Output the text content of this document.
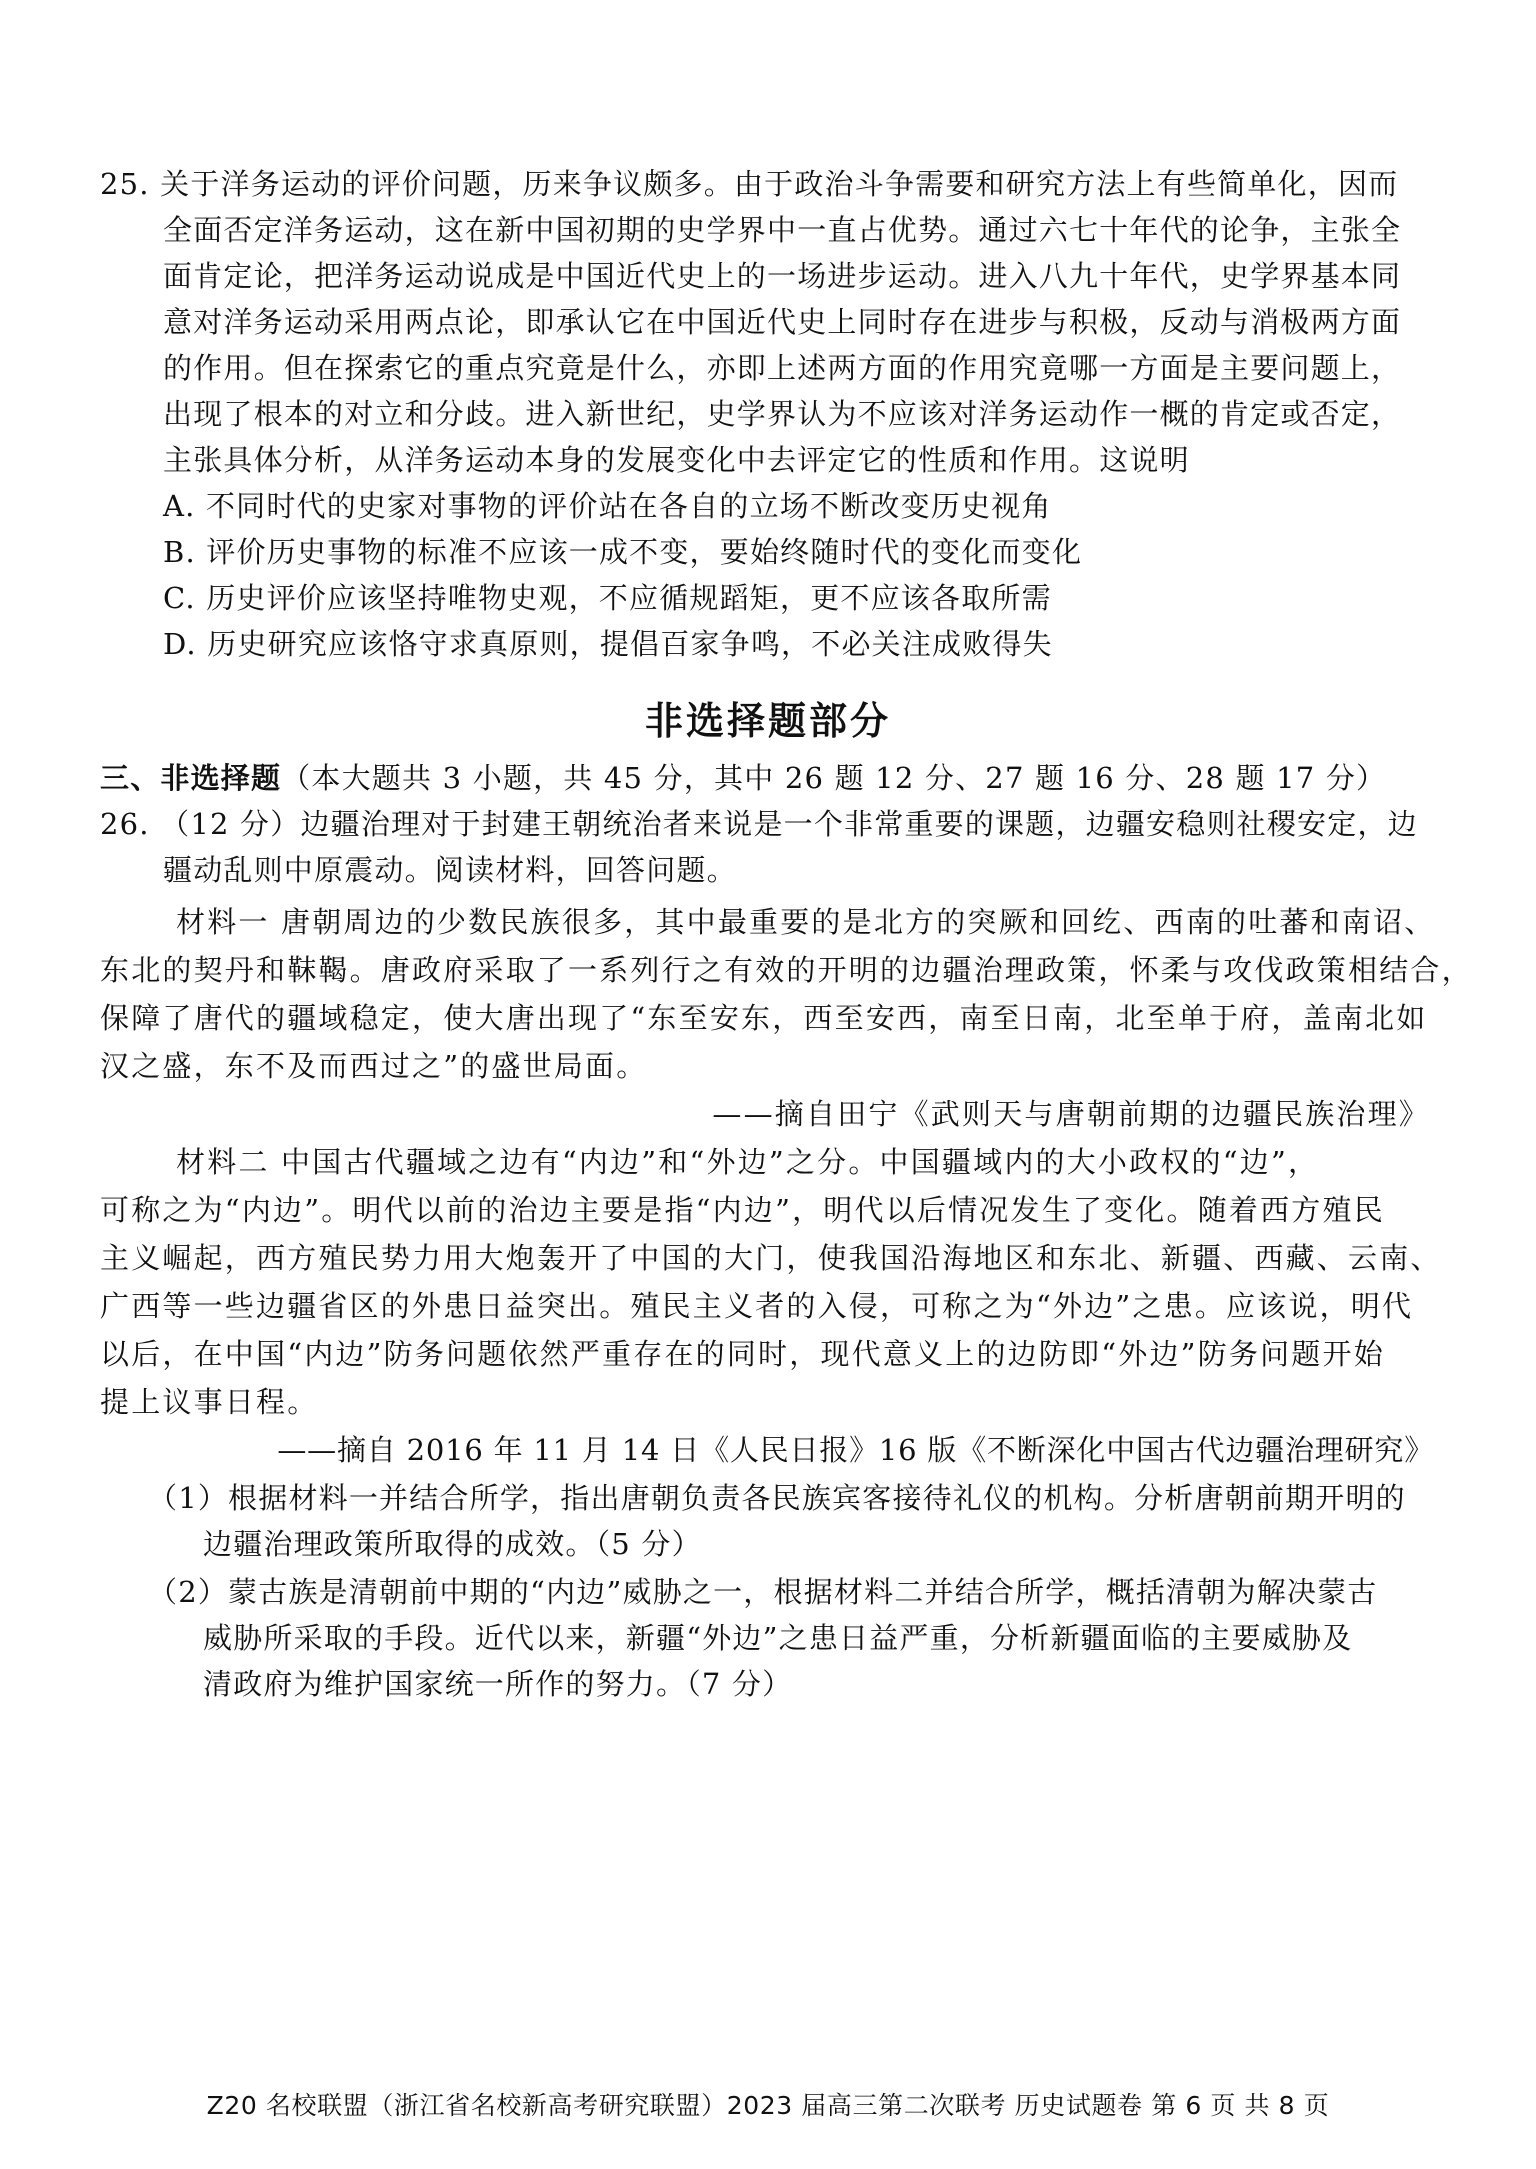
25. 关于洋务运动的评价问题，历来争议颇多。由于政治斗争需要和研究方法上有些简单化，因而
全面否定洋务运动，这在新中国初期的史学界中一直占优势。通过六七十年代的论争，主张全
面肯定论，把洋务运动说成是中国近代史上的一场进步运动。进入八九十年代，史学界基本同
意对洋务运动采用两点论，即承认它在中国近代史上同时存在进步与积极，反动与消极两方面
的作用。但在探索它的重点究竟是什么，亦即上述两方面的作用究竟哪一方面是主要问题上，
出现了根本的对立和分歧。进入新世纪，史学界认为不应该对洋务运动作一概的肯定或否定，
主张具体分析，从洋务运动本身的发展变化中去评定它的性质和作用。这说明
A. 不同时代的史家对事物的评价站在各自的立场不断改变历史视角
B. 评价历史事物的标准不应该一成不变，要始终随时代的变化而变化
C. 历史评价应该坚持唯物史观，不应循规蹈矩，更不应该各取所需
D. 历史研究应该恪守求真原则，提倡百家争鸣，不必关注成败得失
非选择题部分
三、非选择题（本大题共 3 小题，共 45 分，其中 26 题 12 分、27 题 16 分、28 题 17 分）
26. （12 分）边疆治理对于封建王朝统治者来说是一个非常重要的课题，边疆安稳则社稷安定，边
疆动乱则中原震动。阅读材料，回答问题。
材料一 唐朝周边的少数民族很多，其中最重要的是北方的突厥和回纥、西南的吐蕃和南诏、
东北的契丹和靺鞨。唐政府采取了一系列行之有效的开明的边疆治理政策，怀柔与攻伐政策相结合，
保障了唐代的疆域稳定，使大唐出现了“东至安东，西至安西，南至日南，北至单于府，盖南北如
汉之盛，东不及而西过之”的盛世局面。
——摘自田宁《武则天与唐朝前期的边疆民族治理》
材料二 中国古代疆域之边有“内边”和“外边”之分。中国疆域内的大小政权的“边”，
可称之为“内边”。明代以前的治边主要是指“内边”，明代以后情况发生了变化。随着西方殖民
主义崛起，西方殖民势力用大炮轰开了中国的大门，使我国沿海地区和东北、新疆、西藏、云南、
广西等一些边疆省区的外患日益突出。殖民主义者的入侵，可称之为“外边”之患。应该说，明代
以后，在中国“内边”防务问题依然严重存在的同时，现代意义上的边防即“外边”防务问题开始
提上议事日程。
——摘自 2016 年 11 月 14 日《人民日报》16 版《不断深化中国古代边疆治理研究》
（1）根据材料一并结合所学，指出唐朝负责各民族宾客接待礼仪的机构。分析唐朝前期开明的
边疆治理政策所取得的成效。（5 分）
（2）蒙古族是清朝前中期的“内边”威胁之一，根据材料二并结合所学，概括清朝为解决蒙古
威胁所采取的手段。近代以来，新疆“外边”之患日益严重，分析新疆面临的主要威胁及
清政府为维护国家统一所作的努力。（7 分）
Z20 名校联盟（浙江省名校新高考研究联盟）2023 届高三第二次联考 历史试题卷 第 6 页 共 8 页
